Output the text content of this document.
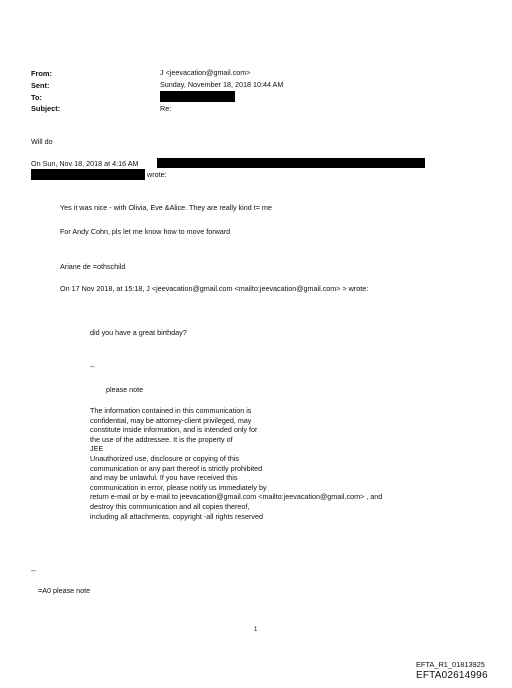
From:	J <jeevacation@gmail.com>
Sent:	Sunday, November 18, 2018 10:44 AM
To:
Subject:	Re:
Will do
On Sun, Nov 18, 2018 at 4:16 AM
wrote:
Yes it was nice - with Olivia, Eve &Alice. They are really kind t= me
For Andy Cohn, pls let me know how to move forward
Ariane de =othschild
On 17 Nov 2018, at 15:18, J <jeevacation@gmail.com <mailto:jeevacation@gmail.com> > wrote:
did you have a great birthday?
--
please note
The information contained in this communication is
confidential, may be attorney-client privileged, may
constitute inside information, and is intended only for
the use of the addressee. It is the property of
JEE
Unauthorized use, disclosure or copying of this
communication or any part thereof is strictly prohibited
and may be unlawful. If you have received this
communication in error, please notify us immediately by
return e-mail or by e-mail to jeevacation@gmail.com <mailto:jeevacation@gmail.com> , and
destroy this communication and all copies thereof,
including all attachments. copyright -all rights reserved
--
=A0 please note
1
EFTA_R1_01813925
EFTA02614996
